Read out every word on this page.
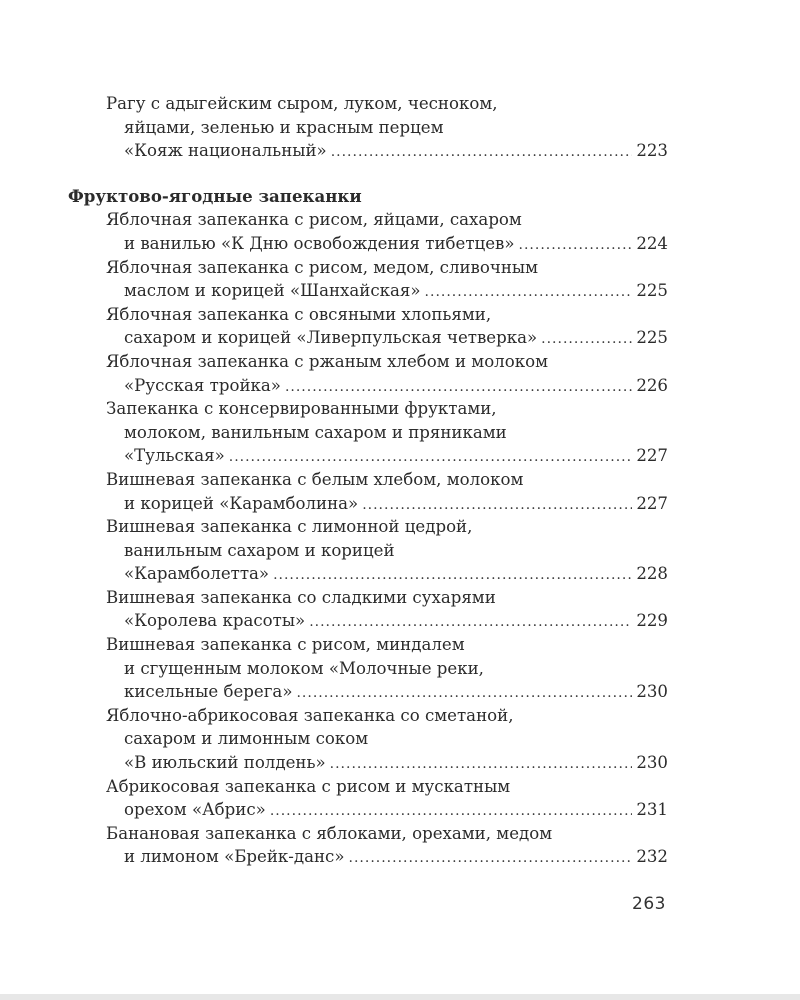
Рагу с адыгейским сыром, луком, чесноком,
яйцами, зеленью и красным перцем
«Кояж национальный» .....	223
Фруктово-ягодные запеканки
Яблочная запеканка с рисом, яйцами, сахаром
и ванилью «К Дню освобождения тибетцев» .....	224
Яблочная запеканка с рисом, медом, сливочным
маслом и корицей «Шанхайская» .....	225
Яблочная запеканка с овсяными хлопьями,
сахаром и корицей «Ливерпульская четверка» .....	225
Яблочная запеканка с ржаным хлебом и молоком
«Русская тройка» .....	226
Запеканка с консервированными фруктами,
молоком, ванильным сахаром и пряниками
«Тульская» .....	227
Вишневая запеканка с белым хлебом, молоком
и корицей «Карамболина» .....	227
Вишневая запеканка с лимонной цедрой,
ванильным сахаром и корицей
«Карамболетта» .....	228
Вишневая запеканка со сладкими сухарями
«Королева красоты» .....	229
Вишневая запеканка с рисом, миндалем
и сгущенным молоком «Молочные реки,
кисельные берега» .....	230
Яблочно-абрикосовая запеканка со сметаной,
сахаром и лимонным соком
«В июльский полдень» .....	230
Абрикосовая запеканка с рисом и мускатным
орехом «Абрис» .....	231
Банановая запеканка с яблоками, орехами, медом
и лимоном «Брейк-данс» .....	232
263
